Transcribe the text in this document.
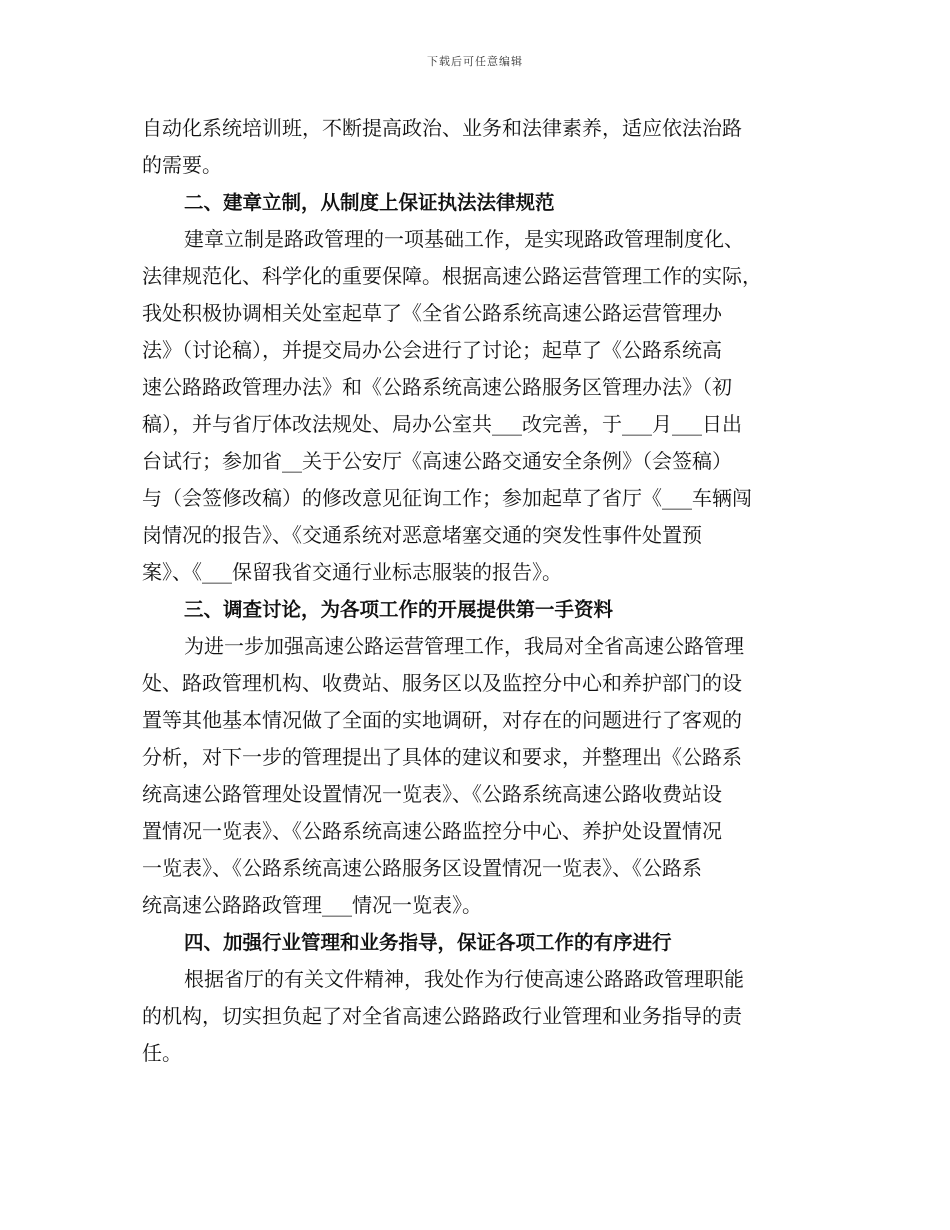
下载后可任意编辑
自动化系统培训班，不断提高政治、业务和法律素养，适应依法治路
的需要。
二、建章立制，从制度上保证执法法律规范
建章立制是路政管理的一项基础工作，是实现路政管理制度化、
法律规范化、科学化的重要保障。根据高速公路运营管理工作的实际，
我处积极协调相关处室起草了《全省公路系统高速公路运营管理办
法》（讨论稿），并提交局办公会进行了讨论；起草了《公路系统高
速公路路政管理办法》和《公路系统高速公路服务区管理办法》（初
稿），并与省厅体改法规处、局办公室共___改完善，于___月___日出
台试行；参加省__关于公安厅《高速公路交通安全条例》（会签稿）
与（会签修改稿）的修改意见征询工作；参加起草了省厅《___车辆闯
岗情况的报告》、《交通系统对恶意堵塞交通的突发性事件处置预
案》、《___保留我省交通行业标志服装的报告》。
三、调查讨论，为各项工作的开展提供第一手资料
为进一步加强高速公路运营管理工作，我局对全省高速公路管理
处、路政管理机构、收费站、服务区以及监控分中心和养护部门的设
置等其他基本情况做了全面的实地调研，对存在的问题进行了客观的
分析，对下一步的管理提出了具体的建议和要求，并整理出《公路系
统高速公路管理处设置情况一览表》、《公路系统高速公路收费站设
置情况一览表》、《公路系统高速公路监控分中心、养护处设置情况
一览表》、《公路系统高速公路服务区设置情况一览表》、《公路系
统高速公路路政管理___情况一览表》。
四、加强行业管理和业务指导，保证各项工作的有序进行
根据省厅的有关文件精神，我处作为行使高速公路路政管理职能
的机构，切实担负起了对全省高速公路路政行业管理和业务指导的责
任。
